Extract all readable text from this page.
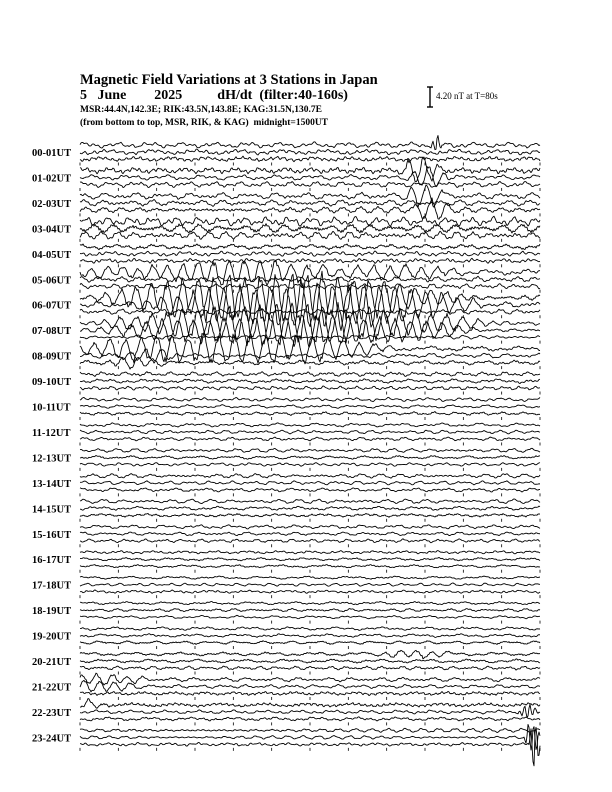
Magnetic Field Variations at 3 Stations in Japan
5 June 2025	dH/dt (filter:40-160s)
MSR:44.4N,142.3E; RIK:43.5N,143.8E; KAG:31.5N,130.7E
(from bottom to top, MSR, RIK, & KAG) midnight=1500UT
4.20 nT at T=80s
00-01UT
01-02UT
02-03UT
03-04UT
04-05UT
05-06UT
06-07UT
07-08UT
08-09UT
09-10UT
10-11UT
11-12UT
12-13UT
13-14UT
14-15UT
15-16UT
16-17UT
17-18UT
18-19UT
19-20UT
20-21UT
21-22UT
22-23UT
23-24UT
